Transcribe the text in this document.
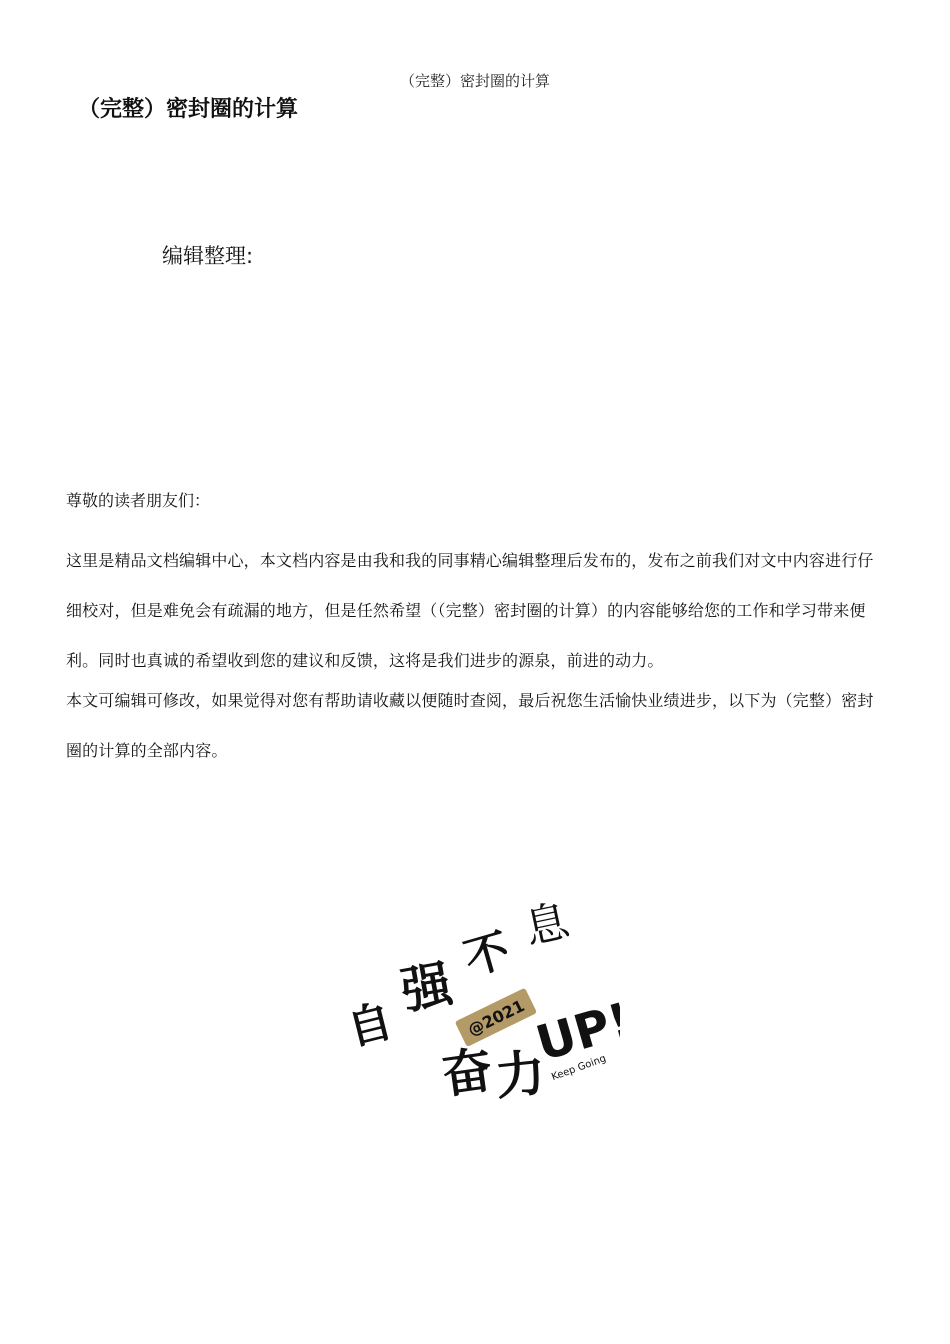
（完整）密封圈的计算
（完整）密封圈的计算
编辑整理:
尊敬的读者朋友们：

这里是精品文档编辑中心，本文档内容是由我和我的同事精心编辑整理后发布的，发布之前我们对文中内容进行仔细校对，但是难免会有疏漏的地方，但是任然希望（（完整）密封圈的计算）的内容能够给您的工作和学习带来便利。同时也真诚的希望收到您的建议和反馈，这将是我们进步的源泉，前进的动力。

本文可编辑可修改，如果觉得对您有帮助请收藏以便随时查阅，最后祝您生活愉快业绩进步，以下为（完整）密封圈的计算的全部内容。

自
强 不 息
@2021 UP!
奋
力 Keep Going
